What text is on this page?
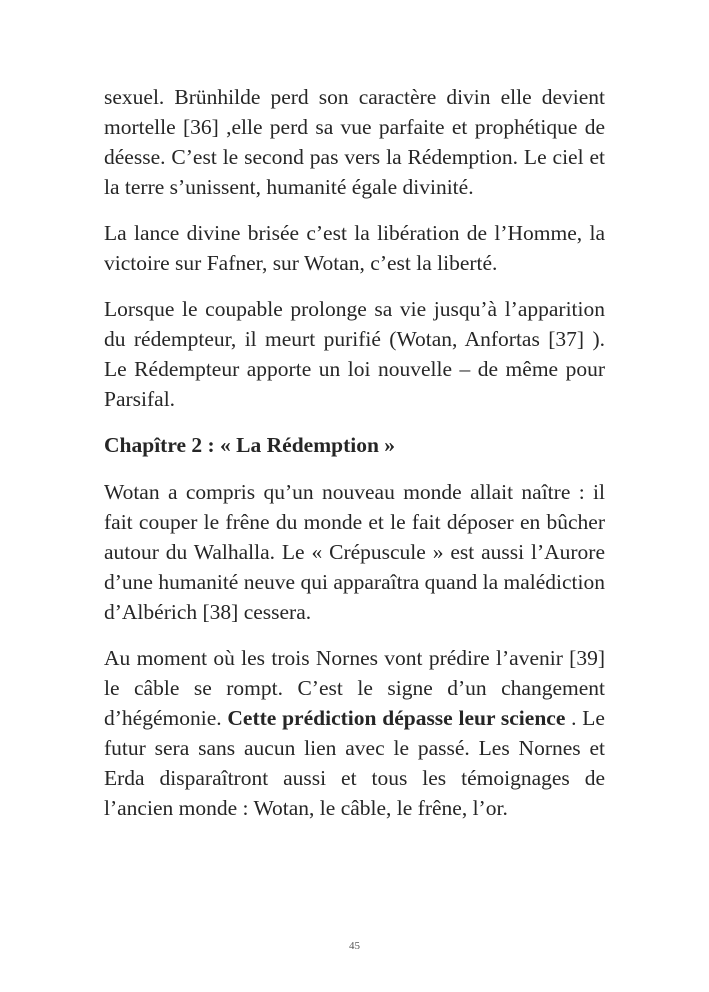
sexuel. Brünhilde perd son caractère divin elle devient mortelle [36] ,elle perd sa vue parfaite et prophétique de déesse. C’est le second pas vers la Rédemption. Le ciel et la terre s’unissent, humanité égale divinité.

La lance divine brisée c’est la libération de l’Homme, la victoire sur Fafner, sur Wotan, c’est la liberté.

Lorsque le coupable prolonge sa vie jusqu’à l’apparition du rédempteur, il meurt purifié (Wotan, Anfortas [37] ). Le Rédempteur apporte un loi nouvelle – de même pour Parsifal.

Chapître 2 : « La Rédemption »

Wotan a compris qu’un nouveau monde allait naître : il fait couper le frêne du monde et le fait déposer en bûcher autour du Walhalla. Le « Crépuscule » est aussi l’Aurore d’une humanité neuve qui apparaîtra quand la malédiction d’Albérich [38] cessera.

Au moment où les trois Nornes vont prédire l’avenir [39] le câble se rompt. C’est le signe d’un changement d’hégémonie. Cette prédiction dépasse leur science . Le futur sera sans aucun lien avec le passé. Les Nornes et Erda disparaîtront aussi et tous les témoignages de l’ancien monde : Wotan, le câble, le frêne, l’or.

45
